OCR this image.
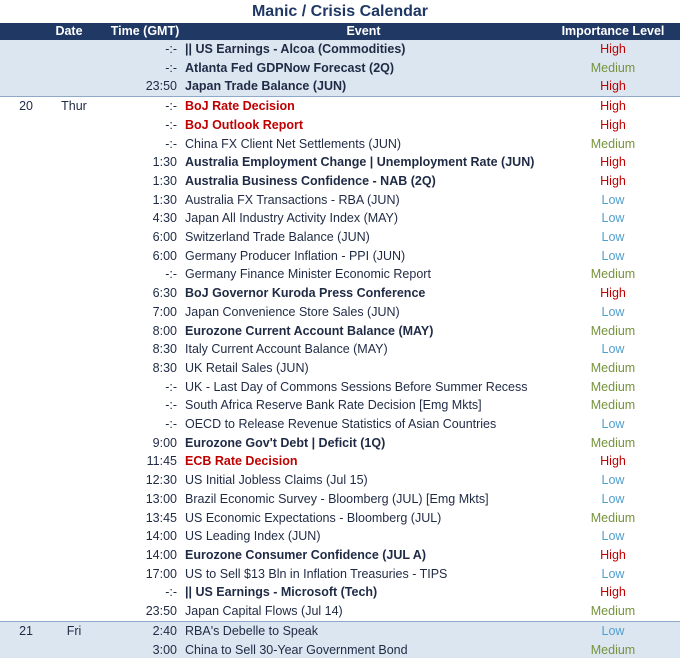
Manic / Crisis Calendar
Date		Time (GMT)	Event	Importance Level
		-:-	|| US Earnings - Alcoa (Commodities)	High
		-:-	Atlanta Fed GDPNow Forecast (2Q)	Medium
		23:50	Japan Trade Balance (JUN)	High
20	Thur	-:-	BoJ Rate Decision	High
		-:-	BoJ Outlook Report	High
		-:-	China FX Client Net Settlements (JUN)	Medium
		1:30	Australia Employment Change | Unemployment Rate (JUN)	High
		1:30	Australia Business Confidence - NAB (2Q)	High
		1:30	Australia FX Transactions - RBA (JUN)	Low
		4:30	Japan All Industry Activity Index (MAY)	Low
		6:00	Switzerland Trade Balance (JUN)	Low
		6:00	Germany Producer Inflation - PPI (JUN)	Low
		-:-	Germany Finance Minister Economic Report	Medium
		6:30	BoJ Governor Kuroda Press Conference	High
		7:00	Japan Convenience Store Sales (JUN)	Low
		8:00	Eurozone Current Account Balance (MAY)	Medium
		8:30	Italy Current Account Balance (MAY)	Low
		8:30	UK Retail Sales (JUN)	Medium
		-:-	UK - Last Day of Commons Sessions Before Summer Recess	Medium
		-:-	South Africa Reserve Bank Rate Decision [Emg Mkts]	Medium
		-:-	OECD to Release Revenue Statistics of Asian Countries	Low
		9:00	Eurozone Gov't Debt | Deficit (1Q)	Medium
		11:45	ECB Rate Decision	High
		12:30	US Initial Jobless Claims (Jul 15)	Low
		13:00	Brazil Economic Survey - Bloomberg (JUL) [Emg Mkts]	Low
		13:45	US Economic Expectations - Bloomberg (JUL)	Medium
		14:00	US Leading Index (JUN)	Low
		14:00	Eurozone Consumer Confidence (JUL A)	High
		17:00	US to Sell $13 Bln in Inflation Treasuries - TIPS	Low
		-:-	|| US Earnings - Microsoft (Tech)	High
		23:50	Japan Capital Flows (Jul 14)	Medium
21	Fri	2:40	RBA's Debelle to Speak	Low
		3:00	China to Sell 30-Year Government Bond	Medium
